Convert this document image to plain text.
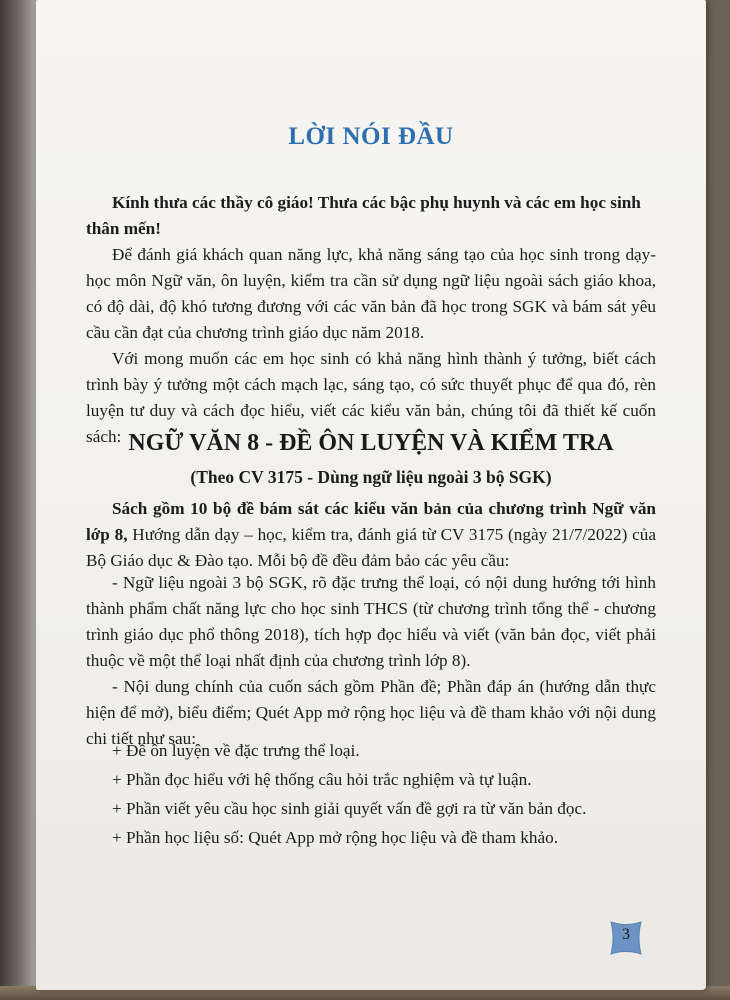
LỜI NÓI ĐẦU
Kính thưa các thầy cô giáo! Thưa các bậc phụ huynh và các em học sinh thân mến!
Để đánh giá khách quan năng lực, khả năng sáng tạo của học sinh trong dạy-học môn Ngữ văn, ôn luyện, kiểm tra cần sử dụng ngữ liệu ngoài sách giáo khoa, có độ dài, độ khó tương đương với các văn bản đã học trong SGK và bám sát yêu cầu cần đạt của chương trình giáo dục năm 2018.
Với mong muốn các em học sinh có khả năng hình thành ý tưởng, biết cách trình bày ý tưởng một cách mạch lạc, sáng tạo, có sức thuyết phục để qua đó, rèn luyện tư duy và cách đọc hiểu, viết các kiểu văn bản, chúng tôi đã thiết kế cuốn sách: NGỮ VĂN 8 - ĐỀ ÔN LUYỆN VÀ KIỂM TRA
(Theo CV 3175 - Dùng ngữ liệu ngoài 3 bộ SGK)
Sách gồm 10 bộ đề bám sát các kiểu văn bản của chương trình Ngữ văn lớp 8, Hướng dẫn dạy – học, kiểm tra, đánh giá từ CV 3175 (ngày 21/7/2022) của Bộ Giáo dục & Đào tạo. Mỗi bộ đề đều đảm bảo các yêu cầu:
- Ngữ liệu ngoài 3 bộ SGK, rõ đặc trưng thể loại, có nội dung hướng tới hình thành phẩm chất năng lực cho học sinh THCS (từ chương trình tổng thể - chương trình giáo dục phổ thông 2018), tích hợp đọc hiểu và viết (văn bản đọc, viết phải thuộc về một thể loại nhất định của chương trình lớp 8).
- Nội dung chính của cuốn sách gồm Phần đề; Phần đáp án (hướng dẫn thực hiện để mở), biểu điểm; Quét App mở rộng học liệu và đề tham khảo với nội dung chi tiết như sau:
+ Đề ôn luyện về đặc trưng thể loại.
+ Phần đọc hiểu với hệ thống câu hỏi trắc nghiệm và tự luận.
+ Phần viết yêu cầu học sinh giải quyết vấn đề gợi ra từ văn bản đọc.
+ Phần học liệu số: Quét App mở rộng học liệu và đề tham khảo.
3
